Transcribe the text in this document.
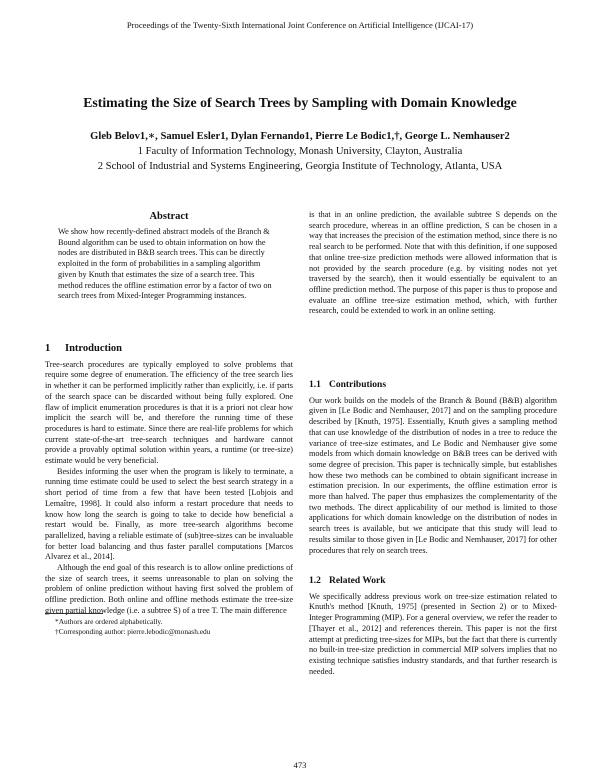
Proceedings of the Twenty-Sixth International Joint Conference on Artificial Intelligence (IJCAI-17)
Estimating the Size of Search Trees by Sampling with Domain Knowledge
Gleb Belov1,∗, Samuel Esler1, Dylan Fernando1, Pierre Le Bodic1,†, George L. Nemhauser2
1 Faculty of Information Technology, Monash University, Clayton, Australia
2 School of Industrial and Systems Engineering, Georgia Institute of Technology, Atlanta, USA
Abstract
We show how recently-defined abstract models of the Branch & Bound algorithm can be used to obtain information on how the nodes are distributed in B&B search trees. This can be directly exploited in the form of probabilities in a sampling algorithm given by Knuth that estimates the size of a search tree. This method reduces the offline estimation error by a factor of two on search trees from Mixed-Integer Programming instances.
1 Introduction

Tree-search procedures are typically employed to solve problems that require some degree of enumeration. The efficiency of the tree search lies in whether it can be performed implicitly rather than explicitly, i.e. if parts of the search space can be discarded without being fully explored. One flaw of implicit enumeration procedures is that it is a priori not clear how implicit the search will be, and therefore the running time of these procedures is hard to estimate. Since there are real-life problems for which current state-of-the-art tree-search techniques and hardware cannot provide a provably optimal solution within years, a runtime (or tree-size) estimate would be very beneficial.

Besides informing the user when the program is likely to terminate, a running time estimate could be used to select the best search strategy in a short period of time from a few that have been tested [Lobjois and Lemaître, 1998]. It could also inform a restart procedure that needs to know how long the search is going to take to decide how beneficial a restart would be. Finally, as more tree-search algorithms become parallelized, having a reliable estimate of (sub)tree-sizes can be invaluable for better load balancing and thus faster parallel computations [Marcos Alvarez et al., 2014].

Although the end goal of this research is to allow online predictions of the size of search trees, it seems unreasonable to plan on solving the problem of online prediction without having first solved the problem of offline prediction. Both online and offline methods estimate the tree-size given partial knowledge (i.e. a subtree S) of a tree T. The main difference

*Authors are ordered alphabetically.
†Corresponding author: pierre.lebodic@monash.edu
is that in an online prediction, the available subtree S depends on the search procedure, whereas in an offline prediction, S can be chosen in a way that increases the precision of the estimation method, since there is no real search to be performed. Note that with this definition, if one supposed that online tree-size prediction methods were allowed information that is not provided by the search procedure (e.g. by visiting nodes not yet traversed by the search), then it would essentially be equivalent to an offline prediction method. The purpose of this paper is thus to propose and evaluate an offline tree-size estimation method, which, with further research, could be extended to work in an online setting.
1.1 Contributions

Our work builds on the models of the Branch & Bound (B&B) algorithm given in [Le Bodic and Nemhauser, 2017] and on the sampling procedure described by [Knuth, 1975]. Essentially, Knuth gives a sampling method that can use knowledge of the distribution of nodes in a tree to reduce the variance of tree-size estimates, and Le Bodic and Nemhauser give some models from which domain knowledge on B&B trees can be derived with some degree of precision. This paper is technically simple, but establishes how these two methods can be combined to obtain significant increase in estimation precision. In our experiments, the offline estimation error is more than halved. The paper thus emphasizes the complementarity of the two methods. The direct applicability of our method is limited to those applications for which domain knowledge on the distribution of nodes in search trees is available, but we anticipate that this study will lead to results similar to those given in [Le Bodic and Nemhauser, 2017] for other procedures that rely on search trees.

1.2 Related Work

We specifically address previous work on tree-size estimation related to Knuth's method [Knuth, 1975] (presented in Section 2) or to Mixed-Integer Programming (MIP). For a general overview, we refer the reader to [Thayer et al., 2012] and references therein. This paper is not the first attempt at predicting tree-sizes for MIPs, but the fact that there is currently no built-in tree-size prediction in commercial MIP solvers implies that no existing technique satisfies industry standards, and that further research is needed.

473
